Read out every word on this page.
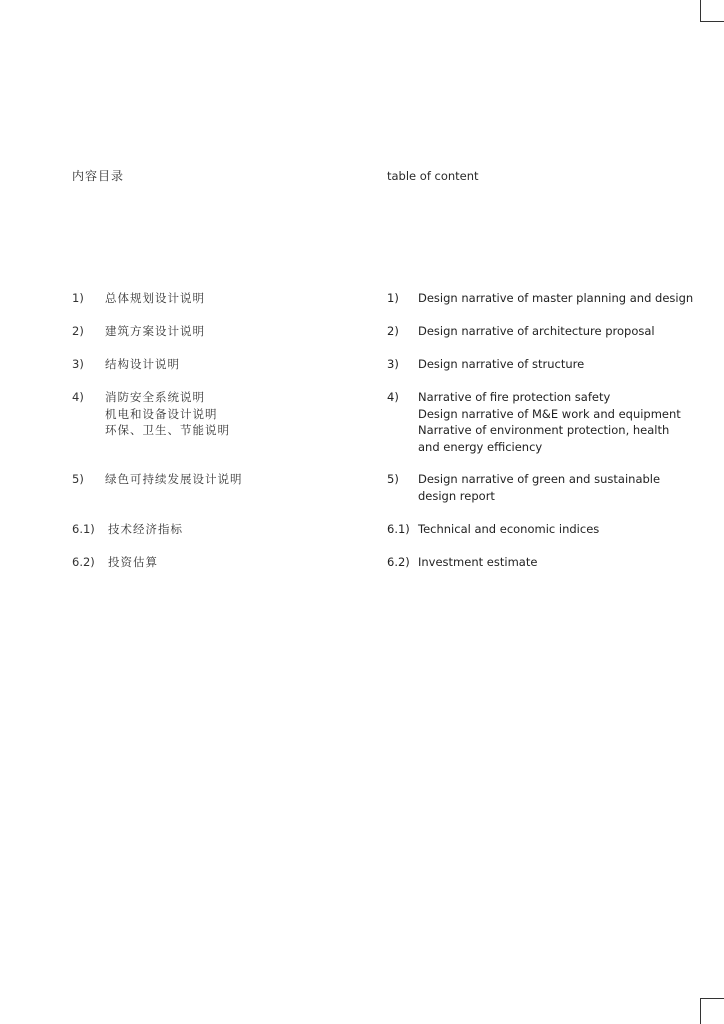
内容目录	table of content
1) 总体规划设计说明
2) 建筑方案设计说明
3) 结构设计说明
4) 消防安全系统说明
机电和设备设计说明
环保、卫生、节能说明
5) 绿色可持续发展设计说明
6.1) 技术经济指标
6.2) 投资估算
1) Design narrative of master planning and design
2) Design narrative of architecture proposal
3) Design narrative of structure
4) Narrative of fire protection safety
Design narrative of M&E work and equipment
Narrative of environment protection, health
and energy efficiency
5) Design narrative of green and sustainable
design report
6.1) Technical and economic indices
6.2) Investment estimate
